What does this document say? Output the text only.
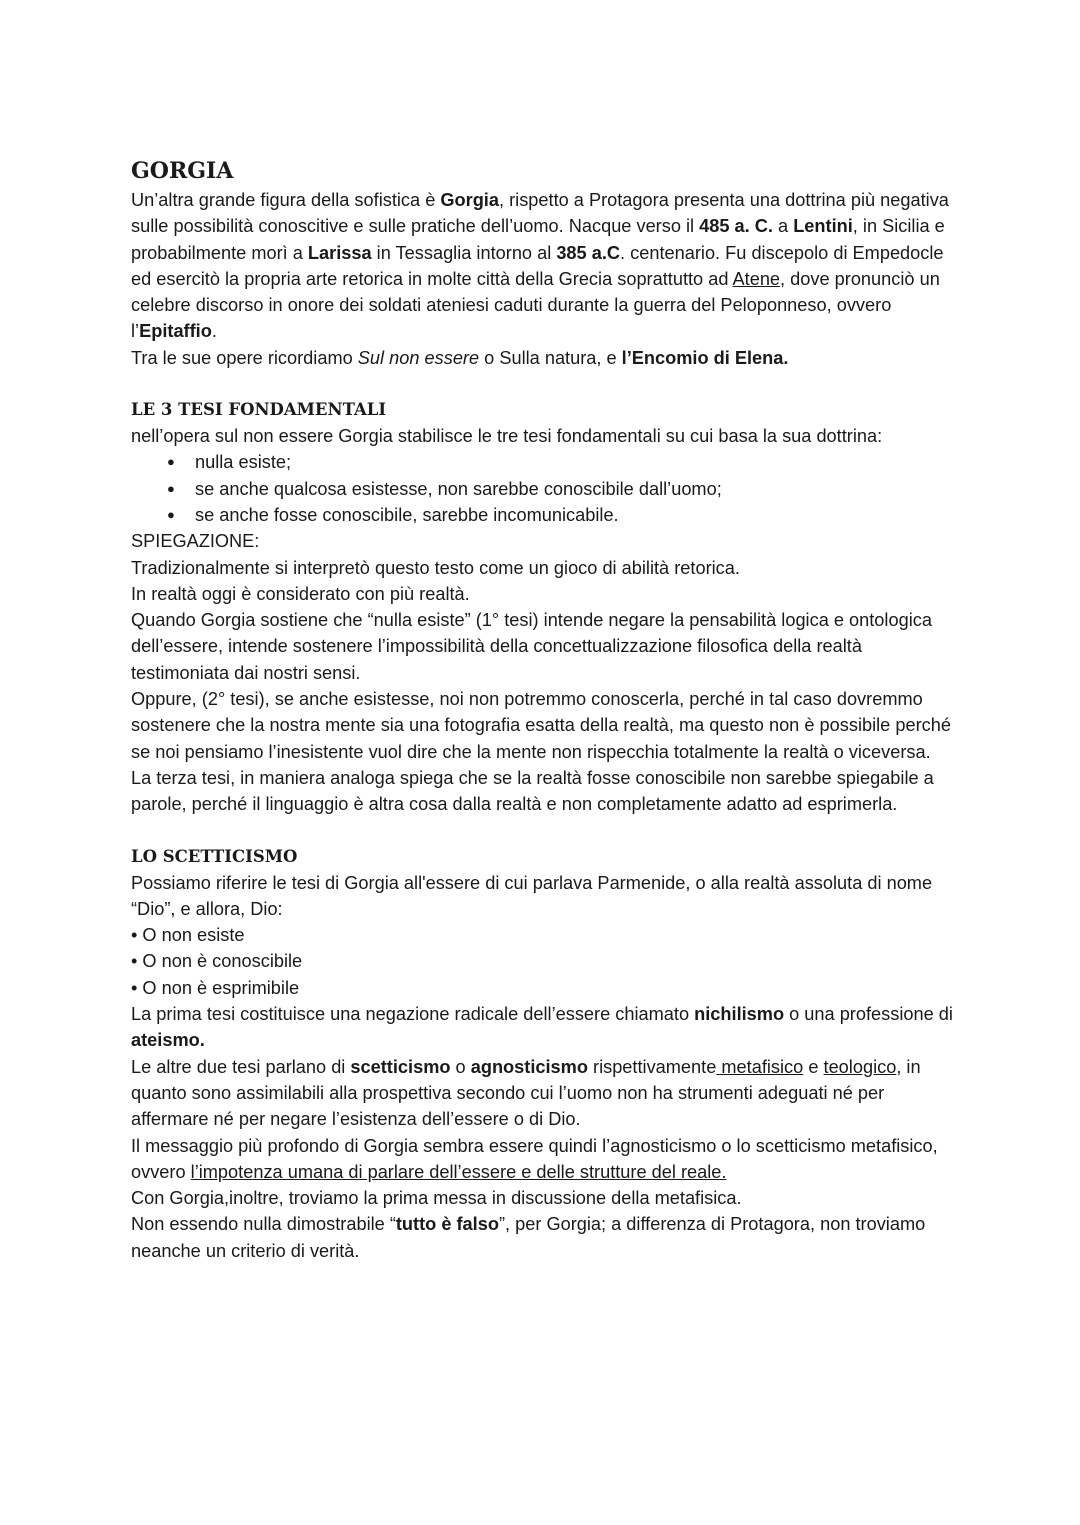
GORGIA

Un’altra grande figura della sofistica è Gorgia, rispetto a Protagora presenta una dottrina più negativa sulle possibilità conoscitive e sulle pratiche dell’uomo. Nacque verso il 485 a. C. a Lentini, in Sicilia e probabilmente morì a Larissa in Tessaglia intorno al 385 a.C. centenario. Fu discepolo di Empedocle ed esercitò la propria arte retorica in molte città della Grecia soprattutto ad Atene, dove pronunciò un celebre discorso in onore dei soldati ateniesi caduti durante la guerra del Peloponneso, ovvero l’Epitaffio.

Tra le sue opere ricordiamo Sul non essere o Sulla natura, e l’Encomio di Elena.

LE 3 TESI FONDAMENTALI

nell’opera sul non essere Gorgia stabilisce le tre tesi fondamentali su cui basa la sua dottrina:

● nulla esiste;
● se anche qualcosa esistesse, non sarebbe conoscibile dall’uomo;
● se anche fosse conoscibile, sarebbe incomunicabile.

SPIEGAZIONE:

Tradizionalmente si interpretò questo testo come un gioco di abilità retorica.

In realtà oggi è considerato con più realtà.

Quando Gorgia sostiene che “nulla esiste” (1° tesi) intende negare la pensabilità logica e ontologica dell’essere, intende sostenere l’impossibilità della concettualizzazione filosofica della realtà testimoniata dai nostri sensi.

Oppure, (2° tesi), se anche esistesse, noi non potremmo conoscerla, perché in tal caso dovremmo sostenere che la nostra mente sia una fotografia esatta della realtà, ma questo non è possibile perché se noi pensiamo l’inesistente vuol dire che la mente non rispecchia totalmente la realtà o viceversa.

La terza tesi, in maniera analoga spiega che se la realtà fosse conoscibile non sarebbe spiegabile a parole, perché il linguaggio è altra cosa dalla realtà e non completamente adatto ad esprimerla.

LO SCETTICISMO

Possiamo riferire le tesi di Gorgia all'essere di cui parlava Parmenide, o alla realtà assoluta di nome “Dio”, e allora, Dio:

• O non esiste
• O non è conoscibile
• O non è esprimibile

La prima tesi costituisce una negazione radicale dell’essere chiamato nichilismo o una professione di ateismo.

Le altre due tesi parlano di scetticismo o agnosticismo rispettivamente metafisico e teologico, in quanto sono assimilabili alla prospettiva secondo cui l’uomo non ha strumenti adeguati né per affermare né per negare l’esistenza dell’essere o di Dio.

Il messaggio più profondo di Gorgia sembra essere quindi l’agnosticismo o lo scetticismo metafisico, ovvero l’impotenza umana di parlare dell’essere e delle strutture del reale.

Con Gorgia,inoltre, troviamo la prima messa in discussione della metafisica.

Non essendo nulla dimostrabile “tutto è falso”, per Gorgia; a differenza di Protagora, non troviamo neanche un criterio di verità.
